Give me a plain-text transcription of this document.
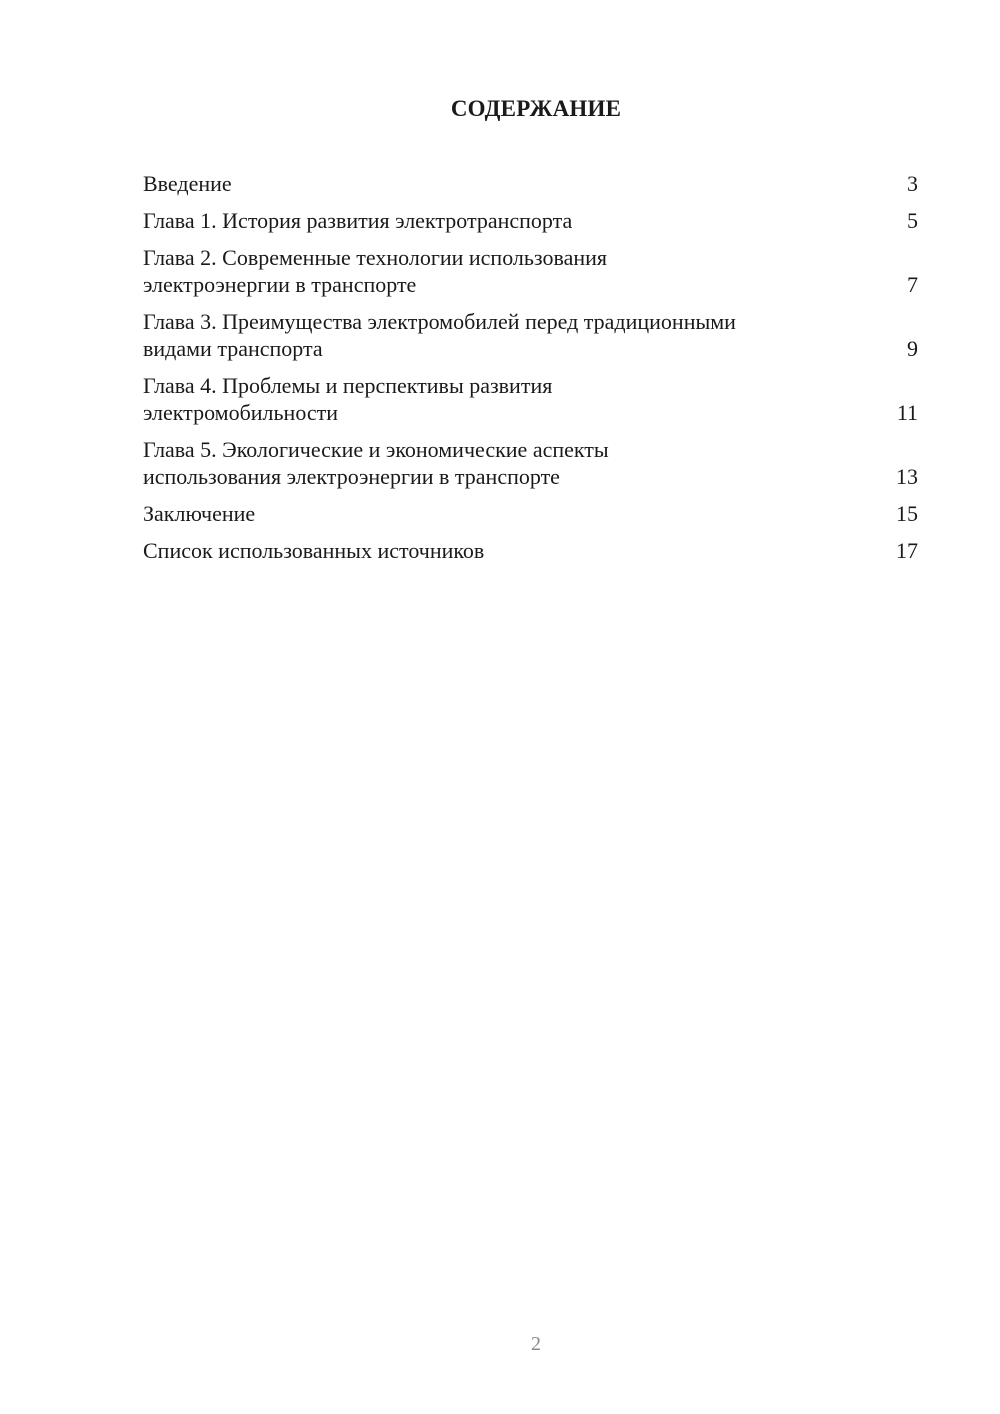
СОДЕРЖАНИЕ
Введение	3
Глава 1. История развития электротранспорта	5
Глава 2. Современные технологии использования
электроэнергии в транспорте	7
Глава 3. Преимущества электромобилей перед традиционными
видами транспорта	9
Глава 4. Проблемы и перспективы развития
электромобильности	11
Глава 5. Экологические и экономические аспекты
использования электроэнергии в транспорте	13
Заключение	15
Список использованных источников	17
2
